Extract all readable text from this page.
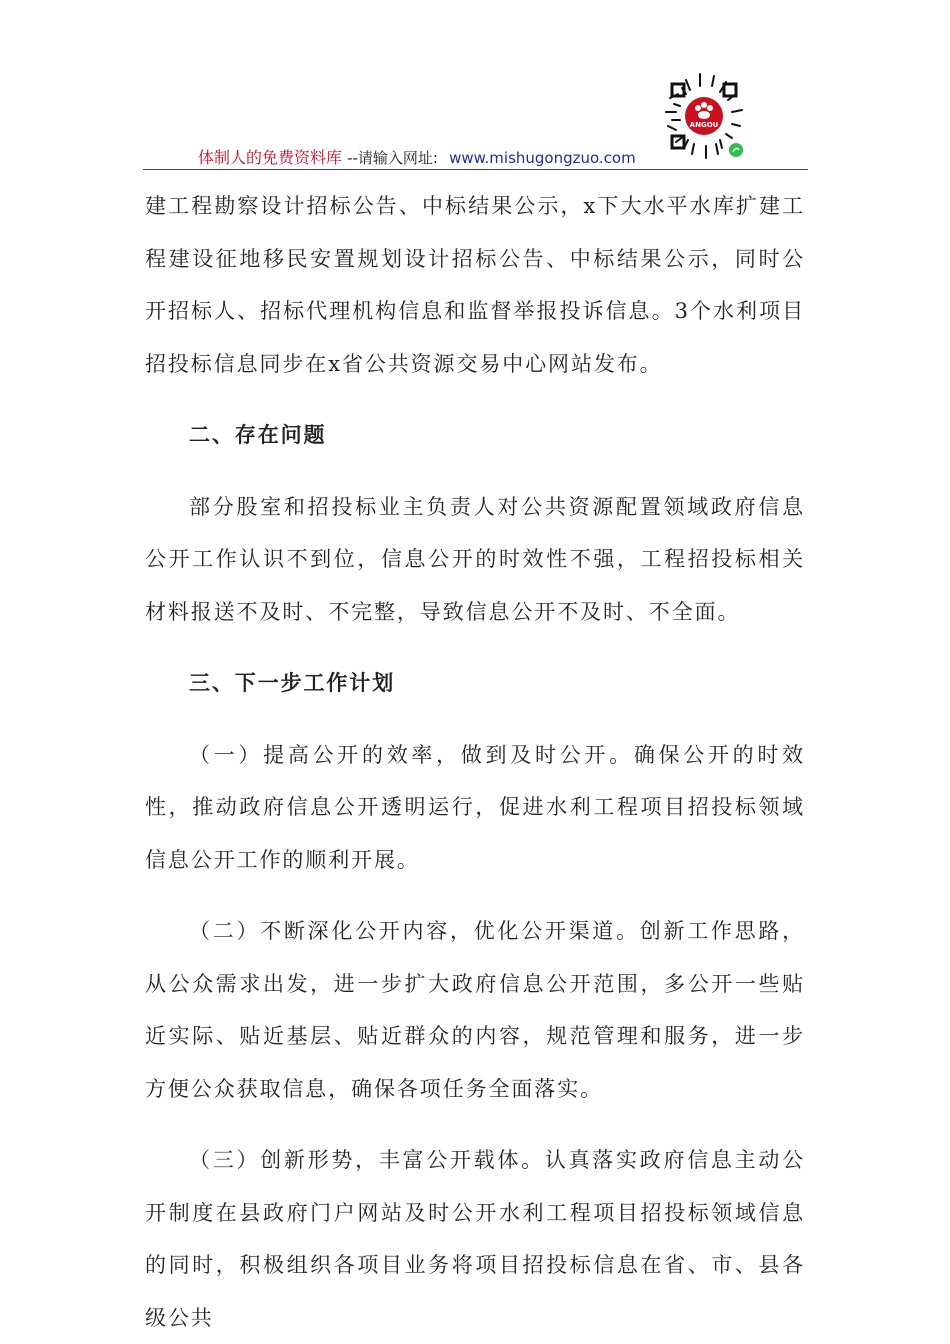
ANGOU
体制人的免费资料库 --请输入网址: www.mishugongzuo.com

建工程勘察设计招标公告、中标结果公示，x下大水平水库扩建工程建设征地移民安置规划设计招标公告、中标结果公示，同时公开招标人、招标代理机构信息和监督举报投诉信息。3个水利项目招投标信息同步在x省公共资源交易中心网站发布。

二、存在问题

部分股室和招投标业主负责人对公共资源配置领域政府信息公开工作认识不到位，信息公开的时效性不强，工程招投标相关材料报送不及时、不完整，导致信息公开不及时、不全面。

三、下一步工作计划

（一）提高公开的效率，做到及时公开。确保公开的时效性，推动政府信息公开透明运行，促进水利工程项目招投标领域信息公开工作的顺利开展。

（二）不断深化公开内容，优化公开渠道。创新工作思路，从公众需求出发，进一步扩大政府信息公开范围，多公开一些贴近实际、贴近基层、贴近群众的内容，规范管理和服务，进一步方便公众获取信息，确保各项任务全面落实。

（三）创新形势，丰富公开载体。认真落实政府信息主动公开制度在县政府门户网站及时公开水利工程项目招投标领域信息的同时，积极组织各项目业务将项目招投标信息在省、市、县各级公共
